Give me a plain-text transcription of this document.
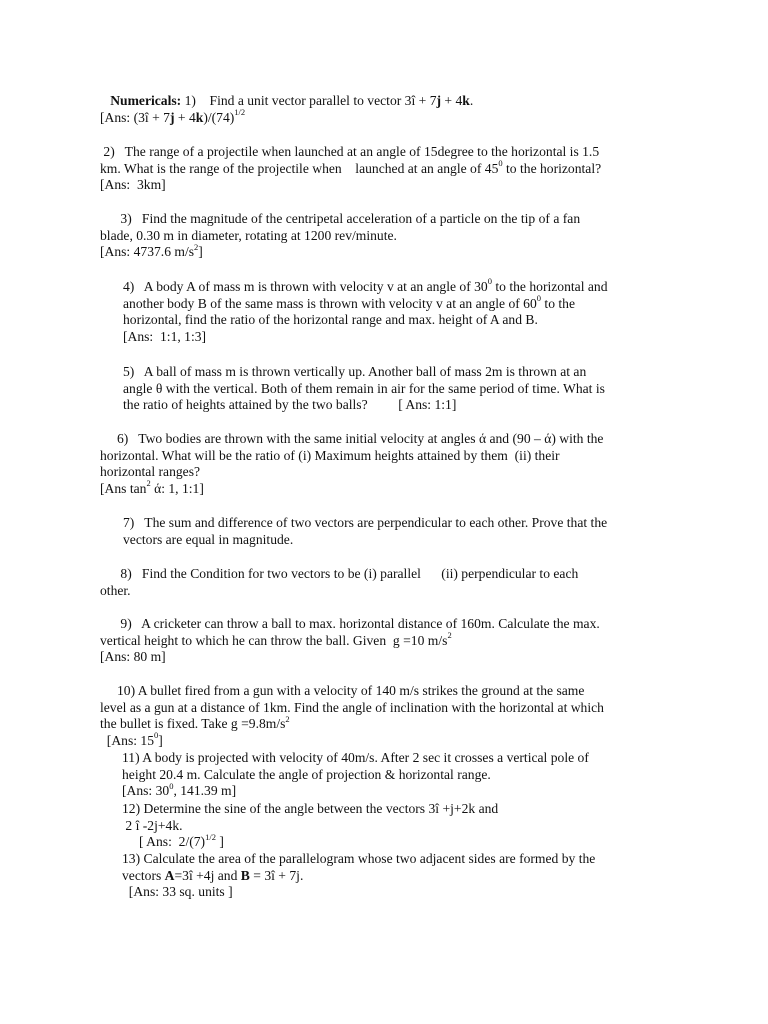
Numericals: 1)    Find a unit vector parallel to vector 3î + 7j + 4k.
[Ans: (3î + $7j + 4k)/(74)^{1/2}$
2)   The range of a projectile when launched at an angle of 15degree to the horizontal is 1.5
km. What is the range of the projectile when    launched at an angle of $45^0$ to the horizontal?
[Ans:  3km]
3)   Find the magnitude of the centripetal acceleration of a particle on the tip of a fan
blade, 0.30 m in diameter, rotating at 1200 rev/minute.
[Ans: 4737.6 $m/s^2$]
4)   A body A of mass m is thrown with velocity v at an angle of $30^0$ to the horizontal and
another body B of the same mass is thrown with velocity v at an angle of $60^0$ to the
horizontal, find the ratio of the horizontal range and max. height of A and B.
[Ans:  1:1, 1:3]
5)   A ball of mass m is thrown vertically up. Another ball of mass 2m is thrown at an
angle θ with the vertical. Both of them remain in air for the same period of time. What is
the ratio of heights attained by the two balls?         [ Ans: 1:1]
6)   Two bodies are thrown with the same initial velocity at angles ά and (90 – ά) with the
horizontal. What will be the ratio of (i) Maximum heights attained by them  (ii) their
horizontal ranges?
[Ans $\tan^2 ά$: 1, 1:1]
7)   The sum and difference of two vectors are perpendicular to each other. Prove that the
vectors are equal in magnitude.
8)   Find the Condition for two vectors to be (i) parallel      (ii) perpendicular to each
other.
9)   A cricketer can throw a ball to max. horizontal distance of 160m. Calculate the max.
vertical height to which he can throw the ball. Given  g =10 $m/s^2$
[Ans: 80 m]
10) A bullet fired from a gun with a velocity of 140 m/s strikes the ground at the same
level as a gun at a distance of 1km. Find the angle of inclination with the horizontal at which
the bullet is fixed. Take $g =9.8m/s^2$
[Ans: $15^0$]
11) A body is projected with velocity of 40m/s. After 2 sec it crosses a vertical pole of
height 20.4 m. Calculate the angle of projection & horizontal range.
[Ans: $30^0$, 141.39 m]
12) Determine the sine of the angle between the vectors 3î +j+2k and
2 î -2j+4k.
[ Ans:  $2/(7)^{1/2}$ ]
13) Calculate the area of the parallelogram whose two adjacent sides are formed by the
vectors A=3î +4j and B = 3î + 7j.
[Ans: 33 sq. units ]
